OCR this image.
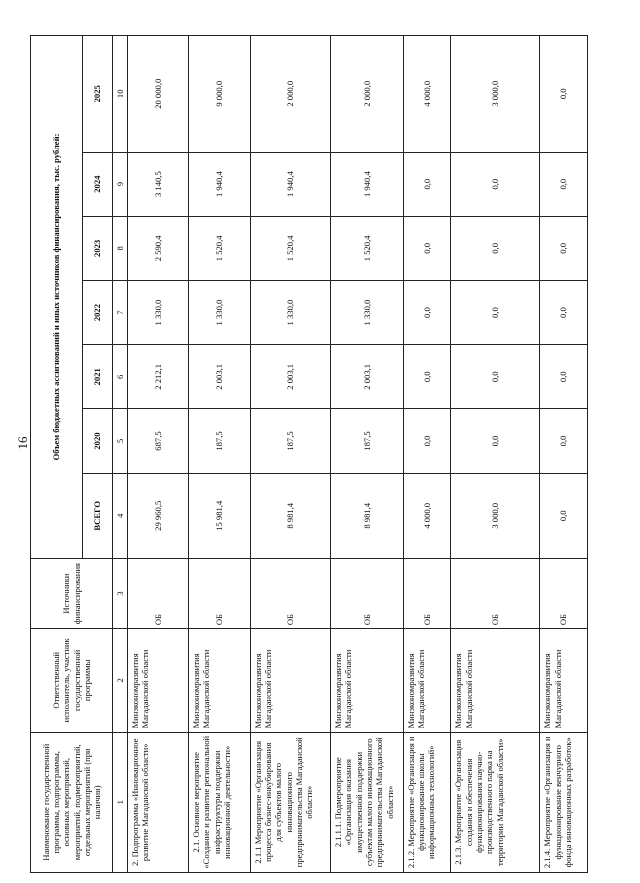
16
Наименование государственной программы, подпрограммы, основных мероприятий, мероприятий, подмероприятий, отдельных мероприятий (при наличии)	Ответственный исполнитель, участник государственной программы	Источники финансирования	Объем бюджетных ассигнований и иных источников финансирования, тыс. рублей:						
			ВСЕГО	2020	2021	2022	2023	2024	2025
1	2	3	4	5	6	7	8	9	10
2. Подпрограмма «Инновационное развитие Магаданской области»	Минэкономразвития Магаданской области	ОБ	29 960,5	687,5	2 212,1	1 330,0	2 590,4	3 140,5	20 000,0
2.1. Основное мероприятие «Создание и развитие региональной инфраструктуры поддержки инновационной деятельности»	Минэкономразвития Магаданской области	ОБ	15 981,4	187,5	2 003,1	1 330,0	1 520,4	1 940,4	9 000,0
2.1.1 Мероприятие «Организация процесса бизнес-инкубирования для субъектов малого инновационного предпринимательства Магаданской области»	Минэкономразвития Магаданской области	ОБ	8 981,4	187,5	2 003,1	1 330,0	1 520,4	1 940,4	2 000,0
2.1.1.1. Подмероприятие «Организация оказания имущественной поддержки субъектам малого инновационного предпринимательства Магаданской области»	Минэкономразвития Магаданской области	ОБ	8 981,4	187,5	2 003,1	1 330,0	1 520,4	1 940,4	2 000,0
2.1.2. Мероприятие «Организация и функционирование школы информационных технологий»	Минэкономразвития Магаданской области	ОБ	4 000,0	0,0	0,0	0,0	0,0	0,0	4 000,0
2.1.3. Мероприятие «Организация создания и обеспечения функционирования научно-производственного парка на территории Магаданской области»	Минэкономразвития Магаданской области	ОБ	3 000,0	0,0	0,0	0,0	0,0	0,0	3 000,0
2.1.4. Мероприятие «Организация и функционирование венчурного фонда инновационных разработок»	Минэкономразвития Магаданской области	ОБ	0,0	0,0	0,0	0,0	0,0	0,0	0,0
